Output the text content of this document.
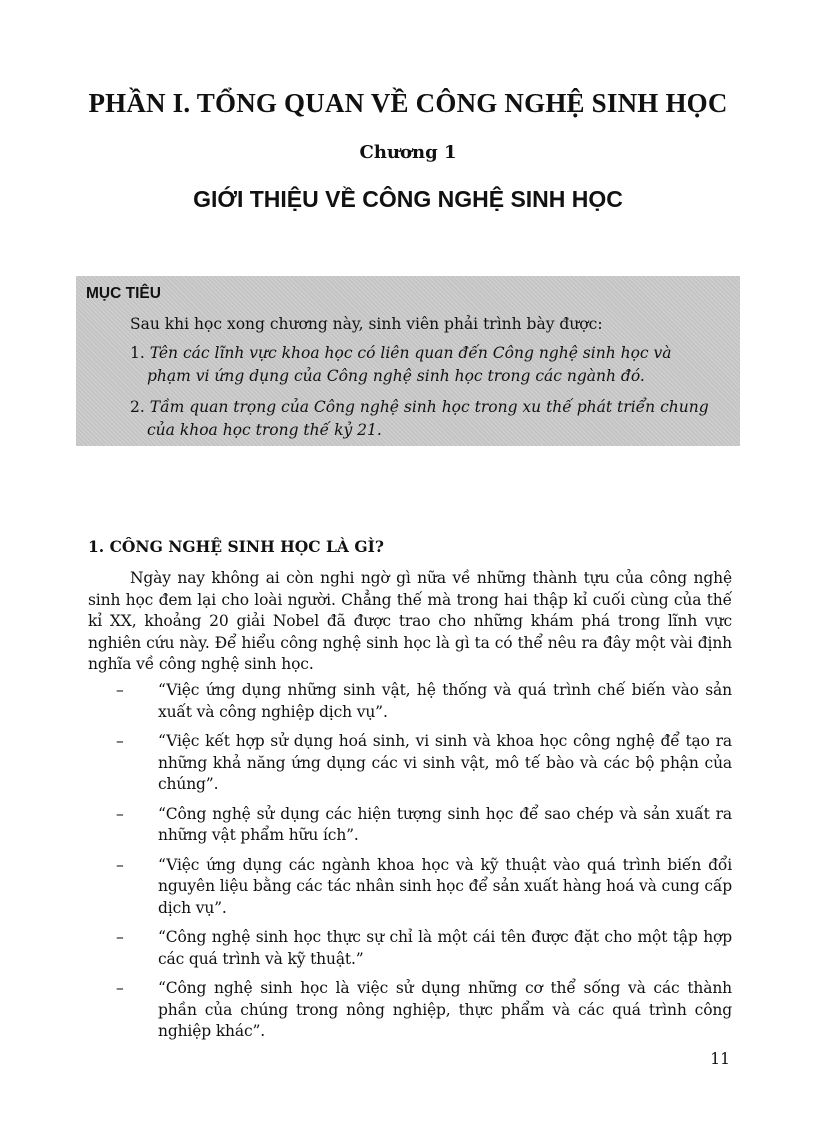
PHẦN I. TỔNG QUAN VỀ CÔNG NGHỆ SINH HỌC
Chương 1
GIỚI THIỆU VỀ CÔNG NGHỆ SINH HỌC
MỤC TIÊU
Sau khi học xong chương này, sinh viên phải trình bày được:
1. Tên các lĩnh vực khoa học có liên quan đến Công nghệ sinh học và
phạm vi ứng dụng của Công nghệ sinh học trong các ngành đó.
2. Tầm quan trọng của Công nghệ sinh học trong xu thế phát triển chung
của khoa học trong thế kỷ 21.
1. CÔNG NGHỆ SINH HỌC LÀ GÌ?

Ngày nay không ai còn nghi ngờ gì nữa về những thành tựu của công nghệ sinh học đem lại cho loài người. Chẳng thế mà trong hai thập kỉ cuối cùng của thế kỉ XX, khoảng 20 giải Nobel đã được trao cho những khám phá trong lĩnh vực nghiên cứu này. Để hiểu công nghệ sinh học là gì ta có thể nêu ra đây một vài định nghĩa về công nghệ sinh học.

– “Việc ứng dụng những sinh vật, hệ thống và quá trình chế biến vào sản xuất và công nghiệp dịch vụ”.
– “Việc kết hợp sử dụng hoá sinh, vi sinh và khoa học công nghệ để tạo ra những khả năng ứng dụng các vi sinh vật, mô tế bào và các bộ phận của chúng”.
– “Công nghệ sử dụng các hiện tượng sinh học để sao chép và sản xuất ra những vật phẩm hữu ích”.
– “Việc ứng dụng các ngành khoa học và kỹ thuật vào quá trình biến đổi nguyên liệu bằng các tác nhân sinh học để sản xuất hàng hoá và cung cấp dịch vụ”.
– “Công nghệ sinh học thực sự chỉ là một cái tên được đặt cho một tập hợp các quá trình và kỹ thuật.”
– “Công nghệ sinh học là việc sử dụng những cơ thể sống và các thành phần của chúng trong nông nghiệp, thực phẩm và các quá trình công nghiệp khác”.
11
